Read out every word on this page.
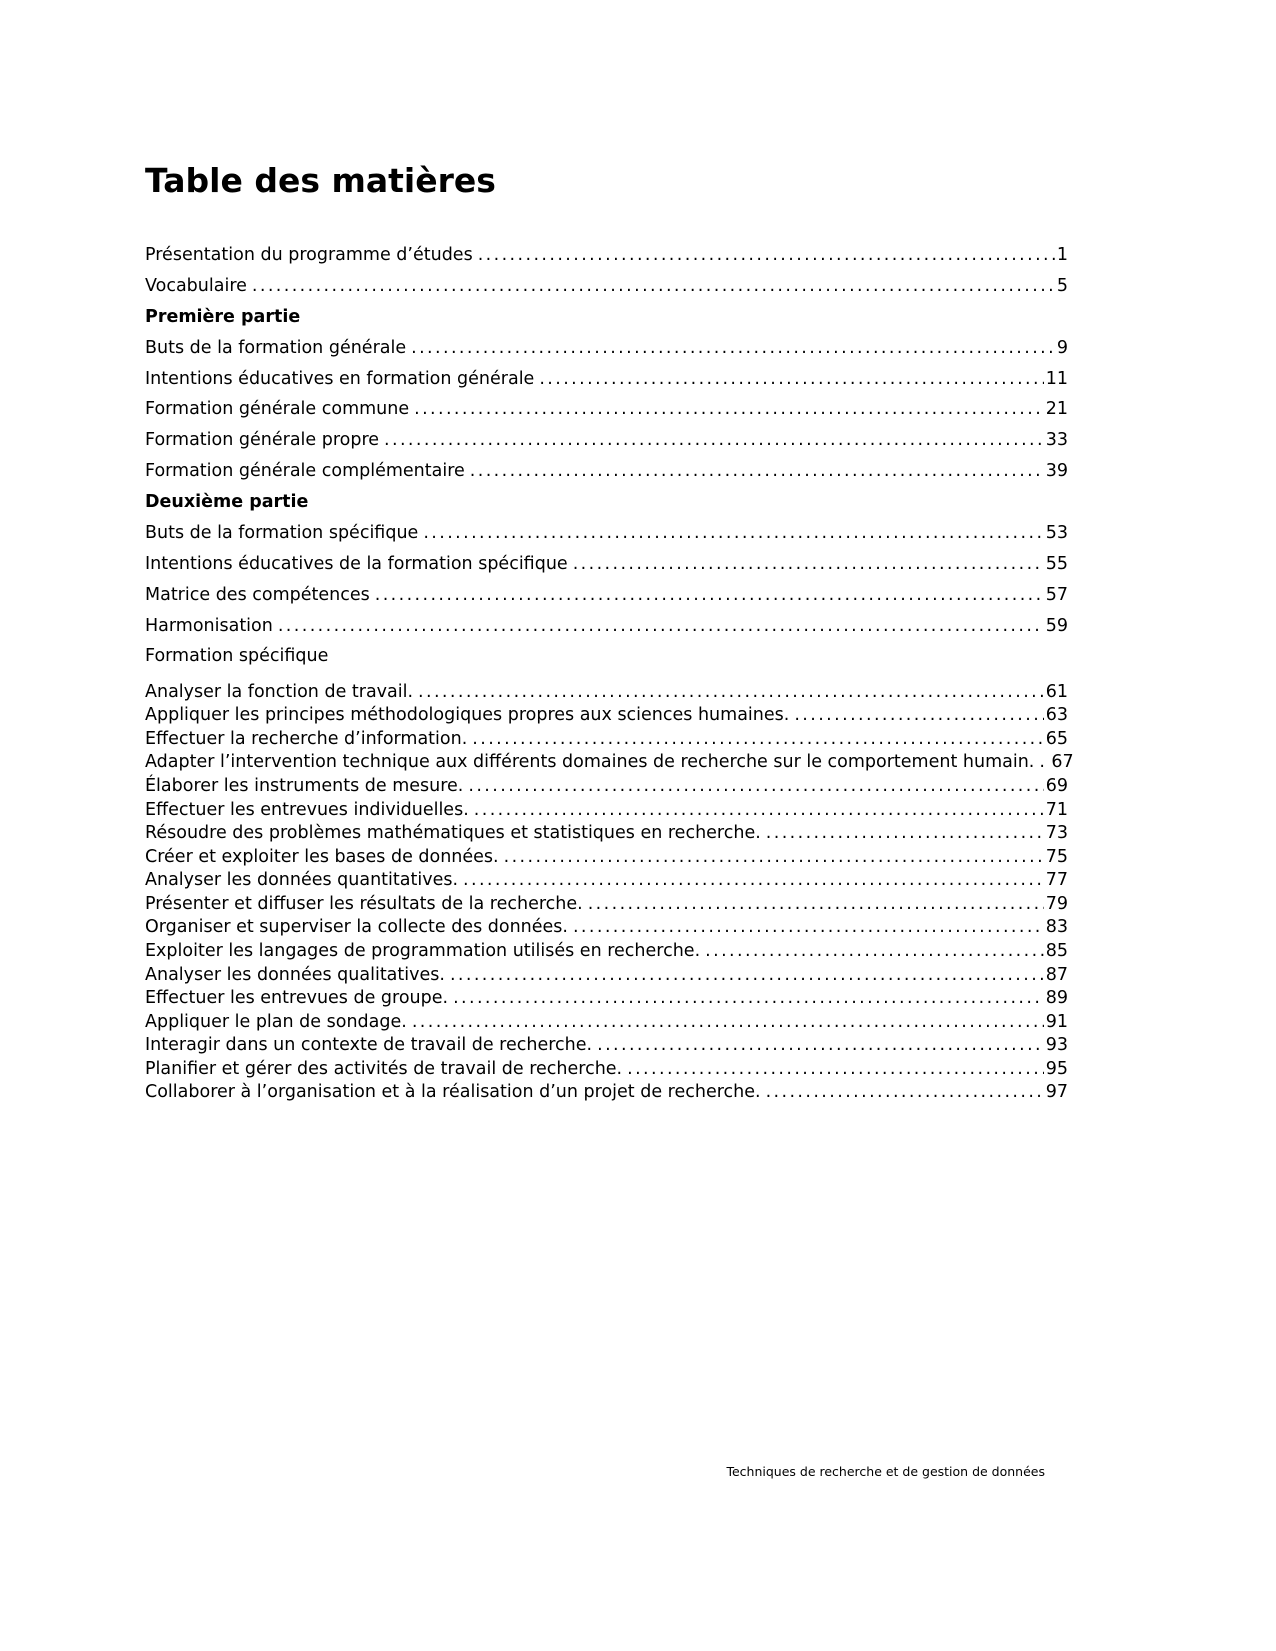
Table des matières
Présentation du programme d’études .....	1
Vocabulaire .....	5
Première partie
Buts de la formation générale .....	9
Intentions éducatives en formation générale .....	11
Formation générale commune .....	21
Formation générale propre .....	33
Formation générale complémentaire .....	39
Deuxième partie
Buts de la formation spécifique .....	53
Intentions éducatives de la formation spécifique .....	55
Matrice des compétences .....	57
Harmonisation .....	59
Formation spécifique
Analyser la fonction de travail. .....	61
Appliquer les principes méthodologiques propres aux sciences humaines. .....	63
Effectuer la recherche d’information. .....	65
Adapter l’intervention technique aux différents domaines de recherche sur le comportement humain. ..... 67
Élaborer les instruments de mesure. .....	69
Effectuer les entrevues individuelles. .....	71
Résoudre des problèmes mathématiques et statistiques en recherche. .....	73
Créer et exploiter les bases de données. .....	75
Analyser les données quantitatives. .....	77
Présenter et diffuser les résultats de la recherche. .....	79
Organiser et superviser la collecte des données. .....	83
Exploiter les langages de programmation utilisés en recherche. .....	85
Analyser les données qualitatives. .....	87
Effectuer les entrevues de groupe. .....	89
Appliquer le plan de sondage. .....	91
Interagir dans un contexte de travail de recherche. .....	93
Planifier et gérer des activités de travail de recherche. .....	95
Collaborer à l’organisation et à la réalisation d’un projet de recherche. .....	97
Techniques de recherche et de gestion de données
